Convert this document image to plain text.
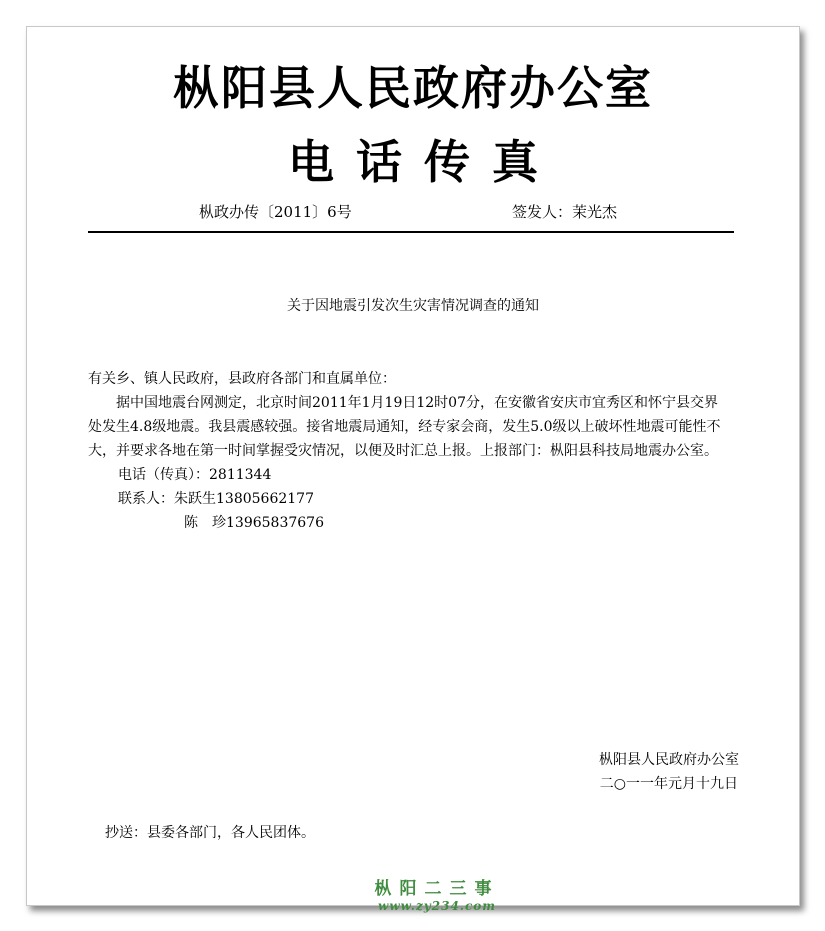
枞阳县人民政府办公室
电话传真
枞政办传〔2011〕6号	签发人：茉光杰
关于因地震引发次生灾害情况调查的通知

有关乡、镇人民政府，县政府各部门和直属单位：

据中国地震台网测定，北京时间2011年1月19日12时07分，在安徽省安庆市宜秀区和怀宁县交界处发生4.8级地震。我县震感较强。接省地震局通知，经专家会商，发生5.0级以上破坏性地震可能性不大，并要求各地在第一时间掌握受灾情况，以便及时汇总上报。上报部门：枞阳县科技局地震办公室。

电话（传真）：2811344

联系人：朱跃生13805662177

陈　珍13965837676

枞阳县人民政府办公室
二○一一年元月十九日
抄送：县委各部门，各人民团体。
枞阳二三事
www.zy234.com
